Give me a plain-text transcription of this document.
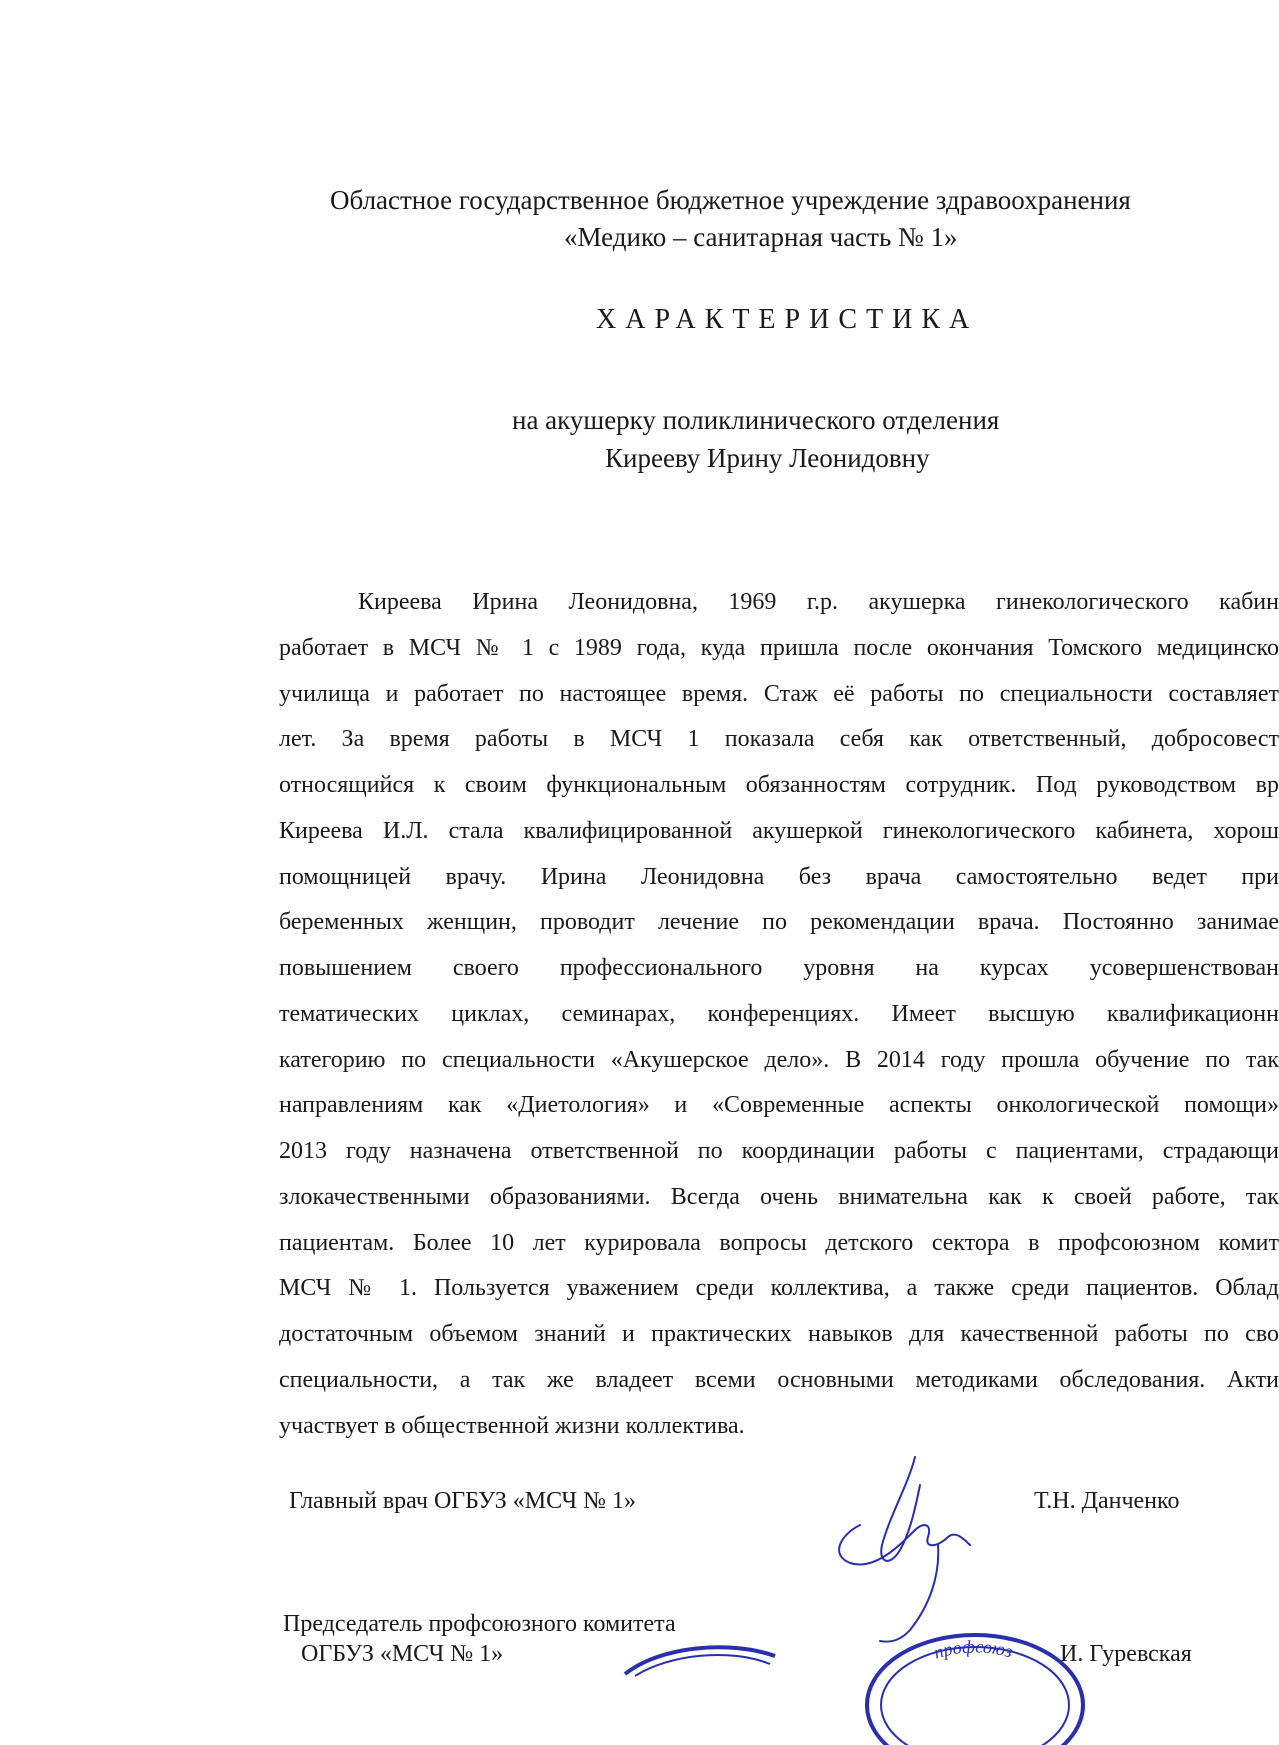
Областное государственное бюджетное учреждение здравоохранения
«Медико – санитарная часть № 1»
ХАРАКТЕРИСТИКА
на акушерку поликлинического отделения
Кирееву Ирину Леонидовну
Киреева Ирина Леонидовна, 1969 г.р. акушерка гинекологического кабин
работает в МСЧ № 1 с 1989 года, куда пришла после окончания Томского медицинско
училища и работает по настоящее время. Стаж её работы по специальности составляет
лет. За время работы в МСЧ 1 показала себя как ответственный, добросовест
относящийся к своим функциональным обязанностям сотрудник. Под руководством вр
Киреева И.Л. стала квалифицированной акушеркой гинекологического кабинета, хорош
помощницей врачу. Ирина Леонидовна без врача самостоятельно ведет при
беременных женщин, проводит лечение по рекомендации врача. Постоянно занимае
повышением своего профессионального уровня на курсах усовершенствован
тематических циклах, семинарах, конференциях. Имеет высшую квалификационн
категорию по специальности «Акушерское дело». В 2014 году прошла обучение по так
направлениям как «Диетология» и «Современные аспекты онкологической помощи»
2013 году назначена ответственной по координации работы с пациентами, страдающи
злокачественными образованиями. Всегда очень внимательна как к своей работе, так
пациентам. Более 10 лет курировала вопросы детского сектора в профсоюзном комит
МСЧ № 1. Пользуется уважением среди коллектива, а также среди пациентов. Облад
достаточным объемом знаний и практических навыков для качественной работы по сво
специальности, а так же владеет всеми основными методиками обследования. Акти
участвует в общественной жизни коллектива.
Главный врач ОГБУЗ «МСЧ № 1»	Т.Н. Данченко
Председатель профсоюзного комитета
ОГБУЗ «МСЧ № 1»	И. Гуревская
профсоюз
